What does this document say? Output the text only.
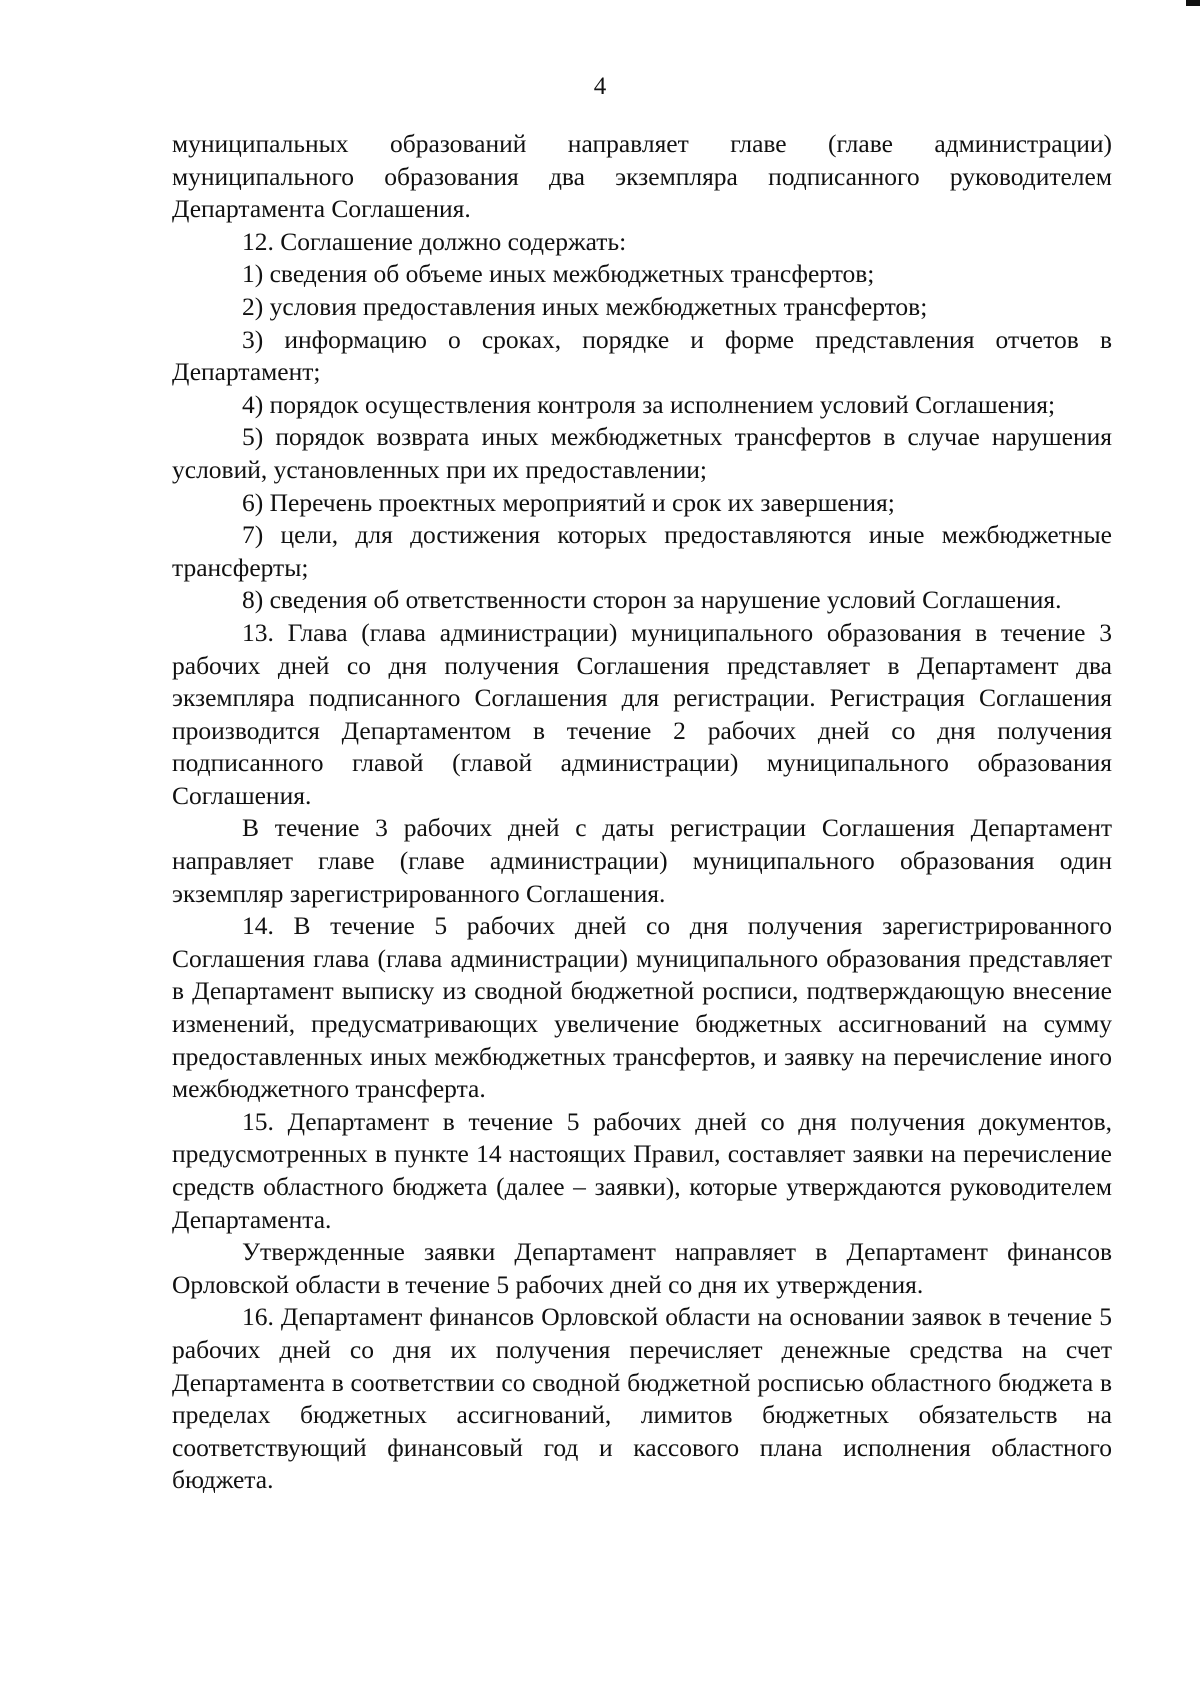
4

муниципальных образований направляет главе (главе администрации) муниципального образования два экземпляра подписанного руководителем Департамента Соглашения.

12. Соглашение должно содержать:

1) сведения об объеме иных межбюджетных трансфертов;

2) условия предоставления иных межбюджетных трансфертов;

3) информацию о сроках, порядке и форме представления отчетов в Департамент;

4) порядок осуществления контроля за исполнением условий Соглашения;

5) порядок возврата иных межбюджетных трансфертов в случае нарушения условий, установленных при их предоставлении;

6) Перечень проектных мероприятий и срок их завершения;

7) цели, для достижения которых предоставляются иные межбюджетные трансферты;

8) сведения об ответственности сторон за нарушение условий Соглашения.

13. Глава (глава администрации) муниципального образования в течение 3 рабочих дней со дня получения Соглашения представляет в Департамент два экземпляра подписанного Соглашения для регистрации. Регистрация Соглашения производится Департаментом в течение 2 рабочих дней со дня получения подписанного главой (главой администрации) муниципального образования Соглашения.

В течение 3 рабочих дней с даты регистрации Соглашения Департамент направляет главе (главе администрации) муниципального образования один экземпляр зарегистрированного Соглашения.

14. В течение 5 рабочих дней со дня получения зарегистрированного Соглашения глава (глава администрации) муниципального образования представляет в Департамент выписку из сводной бюджетной росписи, подтверждающую внесение изменений, предусматривающих увеличение бюджетных ассигнований на сумму предоставленных иных межбюджетных трансфертов, и заявку на перечисление иного межбюджетного трансферта.

15. Департамент в течение 5 рабочих дней со дня получения документов, предусмотренных в пункте 14 настоящих Правил, составляет заявки на перечисление средств областного бюджета (далее – заявки), которые утверждаются руководителем Департамента.

Утвержденные заявки Департамент направляет в Департамент финансов Орловской области в течение 5 рабочих дней со дня их утверждения.

16. Департамент финансов Орловской области на основании заявок в течение 5 рабочих дней со дня их получения перечисляет денежные средства на счет Департамента в соответствии со сводной бюджетной росписью областного бюджета в пределах бюджетных ассигнований, лимитов бюджетных обязательств на соответствующий финансовый год и кассового плана исполнения областного бюджета.
